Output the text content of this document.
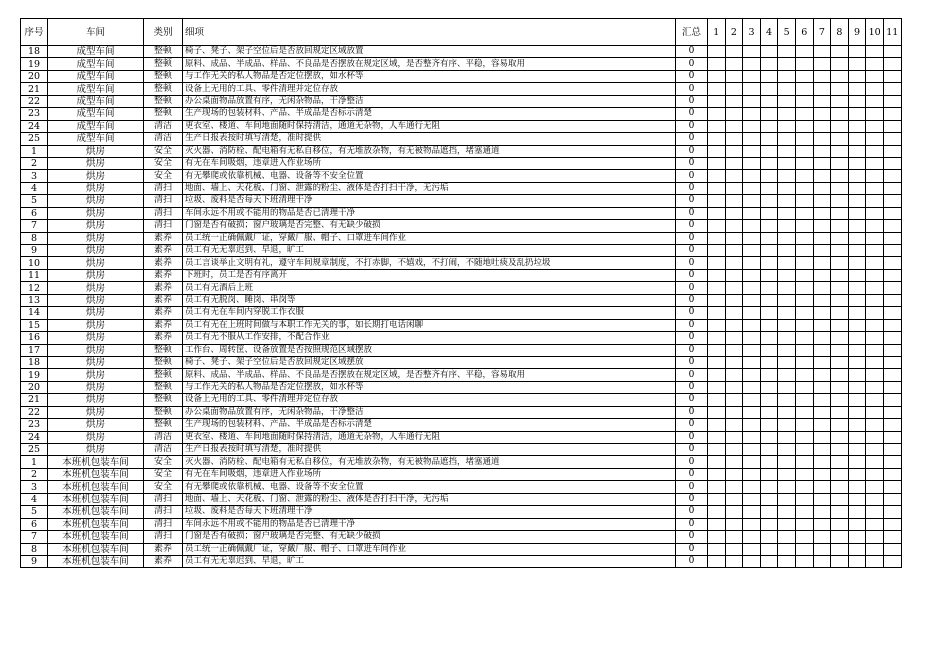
序号	车间	类别	细项	汇总	1	2	3	4	5	6	7	8	9	10	11
18	成型车间	整顿	椅子、凳子、架子空位后是否放回规定区域放置	0											
19	成型车间	整顿	原料、成品、半成品、样品、不良品是否摆放在规定区域，是否整齐有序、平稳，容易取用	0											
20	成型车间	整顿	与工作无关的私人物品是否定位摆放，如水杯等	0											
21	成型车间	整顿	设备上无用的工具、零件清理并定位存放	0											
22	成型车间	整顿	办公桌面物品放置有序，无闲杂物品，干净整洁	0											
23	成型车间	整顿	生产现场的包装材料、产品、半成品是否标示清楚	0											
24	成型车间	清洁	更衣室、楼道、车间地面随时保持清洁，通道无杂物，人车通行无阻	0											
25	成型车间	清洁	生产日报表按时填写清楚，准时提供	0											
1	烘房	安全	灭火器、消防栓、配电箱有无私自移位，有无堆放杂物，有无被物品遮挡，堵塞通道	0											
2	烘房	安全	有无在车间吸烟，违章进入作业场所	0											
3	烘房	安全	有无攀爬或依靠机械、电器、设备等不安全位置	0											
4	烘房	清扫	地面、墙上、天花板、门窗、泄露的粉尘、液体是否打扫干净，无污垢	0											
5	烘房	清扫	垃圾、废料是否每天下班清理干净	0											
6	烘房	清扫	车间永远不用或不能用的物品是否已清理干净	0											
7	烘房	清扫	门窗是否有破损；窗户玻璃是否完整、有无缺少破损	0											
8	烘房	素养	员工统一正确佩戴厂证，穿戴厂服、帽子、口罩进车间作业	0											
9	烘房	素养	员工有无无辜迟到、早退，旷工	0											
10	烘房	素养	员工言谈举止文明有礼，遵守车间规章制度，不打赤脚，不嬉戏，不打闹，不随地吐痰及乱扔垃圾	0											
11	烘房	素养	下班时，员工是否有序离开	0											
12	烘房	素养	员工有无酒后上班	0											
13	烘房	素养	员工有无脱岗、睡岗、串岗等	0											
14	烘房	素养	员工有无在车间内穿脱工作衣服	0											
15	烘房	素养	员工有无在上班时间做与本职工作无关的事，如长期打电话闲聊	0											
16	烘房	素养	员工有无不服从工作安排，不配合作业	0											
17	烘房	整顿	工作台、周转筐、设备放置是否按照规范区域摆放	0											
18	烘房	整顿	椅子、凳子、架子空位后是否放回规定区域摆放	0											
19	烘房	整顿	原料、成品、半成品、样品、不良品是否摆放在规定区域，是否整齐有序、平稳，容易取用	0											
20	烘房	整顿	与工作无关的私人物品是否定位摆放，如水杯等	0											
21	烘房	整顿	设备上无用的工具、零件清理并定位存放	0											
22	烘房	整顿	办公桌面物品放置有序，无闲杂物品，干净整洁	0											
23	烘房	整顿	生产现场的包装材料、产品、半成品是否标示清楚	0											
24	烘房	清洁	更衣室、楼道、车间地面随时保持清洁，通道无杂物，人车通行无阻	0											
25	烘房	清洁	生产日报表按时填写清楚，准时提供	0											
1	本班机包装车间	安全	灭火器、消防栓、配电箱有无私自移位，有无堆放杂物，有无被物品遮挡，堵塞通道	0											
2	本班机包装车间	安全	有无在车间吸烟，违章进入作业场所	0											
3	本班机包装车间	安全	有无攀爬或依靠机械、电器、设备等不安全位置	0											
4	本班机包装车间	清扫	地面、墙上、天花板、门窗、泄露的粉尘、液体是否打扫干净，无污垢	0											
5	本班机包装车间	清扫	垃圾、废料是否每天下班清理干净	0											
6	本班机包装车间	清扫	车间永远不用或不能用的物品是否已清理干净	0											
7	本班机包装车间	清扫	门窗是否有破损；窗户玻璃是否完整、有无缺少破损	0											
8	本班机包装车间	素养	员工统一正确佩戴厂证，穿戴厂服、帽子、口罩进车间作业	0											
9	本班机包装车间	素养	员工有无无辜迟到、早退，旷工	0											
